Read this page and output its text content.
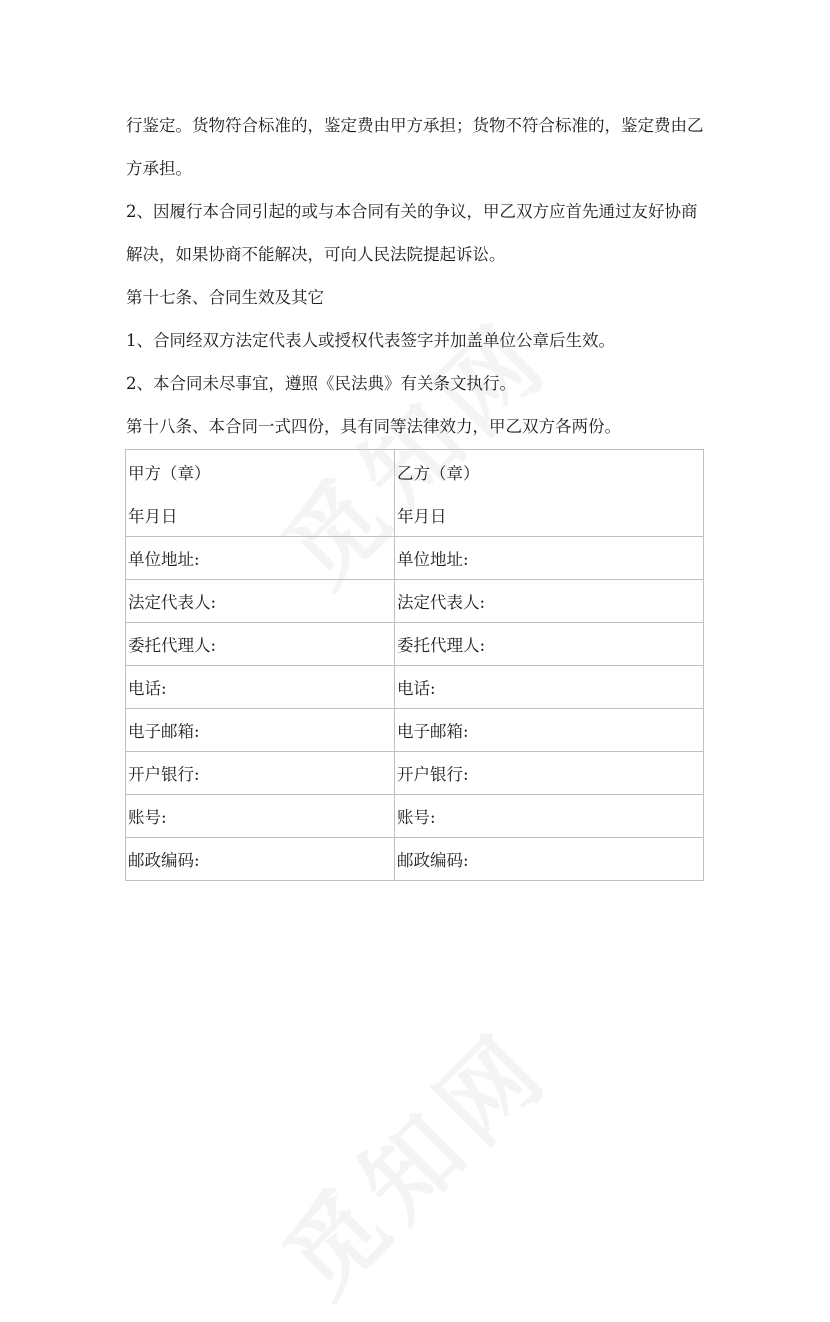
行鉴定。货物符合标准的，鉴定费由甲方承担；货物不符合标准的，鉴定费由乙

方承担。

2、因履行本合同引起的或与本合同有关的争议，甲乙双方应首先通过友好协商

解决，如果协商不能解决，可向人民法院提起诉讼。

第十七条、合同生效及其它

1、合同经双方法定代表人或授权代表签字并加盖单位公章后生效。

2、本合同未尽事宜，遵照《民法典》有关条文执行。

第十八条、本合同一式四份，具有同等法律效力，甲乙双方各两份。

甲方（章）	乙方（章）
年月日	年月日
单位地址:	单位地址:
法定代表人:	法定代表人:
委托代理人:	委托代理人:
电话:	电话:
电子邮箱:	电子邮箱:
开户银行:	开户银行:
账号:	账号:
邮政编码:	邮政编码:
